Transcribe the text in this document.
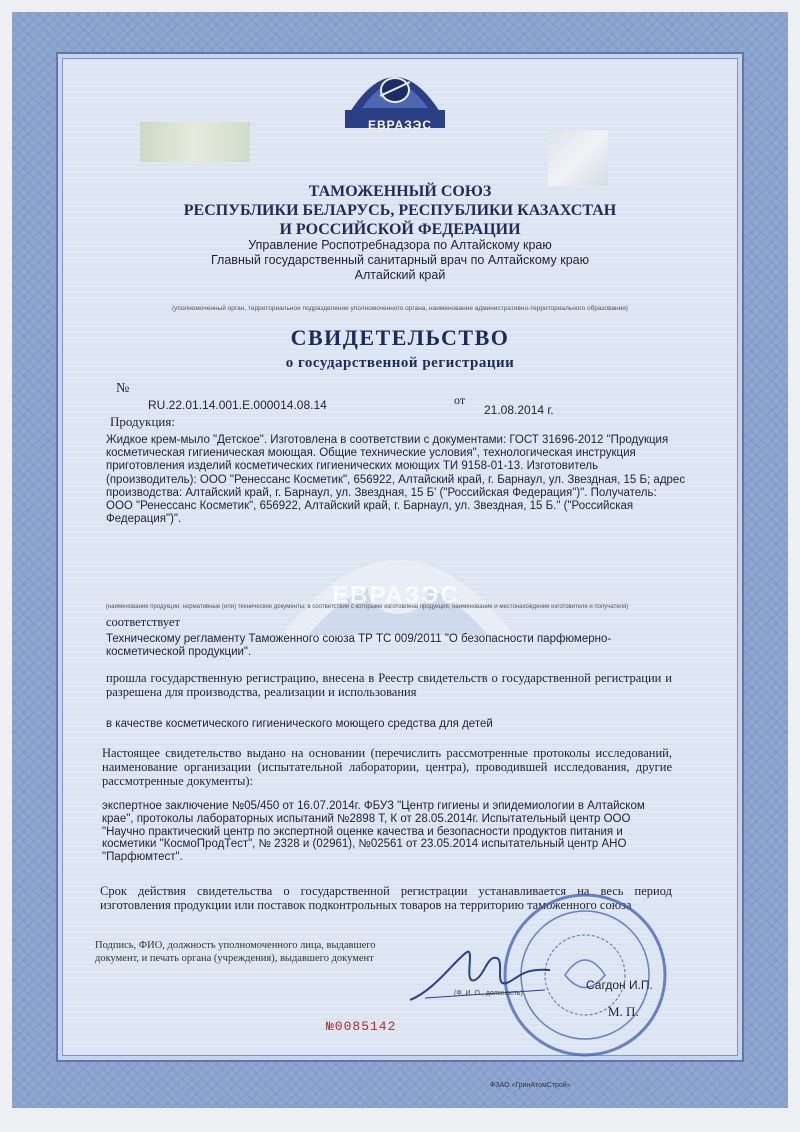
ЕВРАЗЭС
ТАМОЖЕННЫЙ СОЮЗ
РЕСПУБЛИКИ БЕЛАРУСЬ, РЕСПУБЛИКИ КАЗАХСТАН
И РОССИЙСКОЙ ФЕДЕРАЦИИ
Управление Роспотребнадзора по Алтайскому краю
Главный государственный санитарный врач по Алтайскому краю
Алтайский край
(уполномоченный орган, территориальное подразделение уполномоченного органа, наименование административно-территориального образования)
СВИДЕТЕЛЬСТВО
о государственной регистрации
№
RU.22.01.14.001.Е.000014.08.14	от
21.08.2014 г.
Продукция:
Жидкое крем-мыло "Детское". Изготовлена в соответствии с документами: ГОСТ 31696-2012 "Продукция косметическая гигиеническая моющая. Общие технические условия", технологическая инструкция приготовления изделий косметических гигиенических моющих ТИ 9158-01-13. Изготовитель (производитель): ООО "Ренессанс Косметик", 656922, Алтайский край, г. Барнаул, ул. Звездная, 15 Б; адрес производства: Алтайский край, г. Барнаул, ул. Звездная, 15 Б' ("Российская Федерация")". Получатель: ООО "Ренессанс Косметик", 656922, Алтайский край, г. Барнаул, ул. Звездная, 15 Б." ("Российская Федерация")".
ЕВРАЗЭС
(наименование продукции, нормативные (или) технические документы, в соответствии с которыми изготовлена продукция, наименование и местонахождение изготовителя и получателя)
соответствует
Техническому регламенту Таможенного союза ТР ТС 009/2011 "О безопасности парфюмерно-косметической продукции".
прошла государственную регистрацию, внесена в Реестр свидетельств о государственной регистрации и разрешена для производства, реализации и использования
в качестве косметического гигиенического моющего средства для детей
Настоящее свидетельство выдано на основании (перечислить рассмотренные протоколы исследований, наименование организации (испытательной лаборатории, центра), проводившей исследования, другие рассмотренные документы):
экспертное заключение №05/450 от 16.07.2014г. ФБУЗ "Центр гигиены и эпидемиологии в Алтайском крае", протоколы лабораторных испытаний №2898 Т, К от 28.05.2014г. Испытательный центр ООО "Научно практический центр по экспертной оценке качества и безопасности продуктов питания и косметики "КосмоПродТест", № 2328 и (02961), №02561 от 23.05.2014 испытательный центр АНО "Парфюмтест".
Срок действия свидетельства о государственной регистрации устанавливается на весь период изготовления продукции или поставок подконтрольных товаров на территорию таможенного союза
Подпись, ФИО, должность уполномоченного лица, выдавшего документ, и печать органа (учреждения), выдавшего документ
Сагдон И.П.
(Ф. И. О., должность)
М. П.
№0085142
ФЗАО «ГринАтомСтрой»
